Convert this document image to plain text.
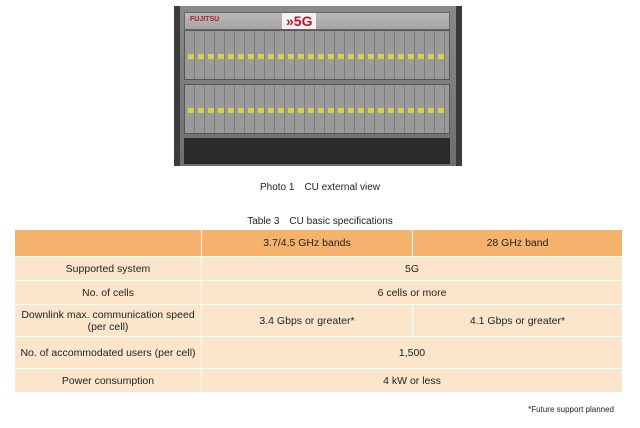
FUJITSU	»5G
Photo 1　CU external view
Table 3　CU basic specifications
	3.7/4.5 GHz bands	28 GHz band
Supported system	5G	
No. of cells	6 cells or more	
Downlink max. communication speed (per cell)	3.4 Gbps or greater*	4.1 Gbps or greater*
No. of accommodated users (per cell)	1,500	
Power consumption	4 kW or less	
*Future support planned
